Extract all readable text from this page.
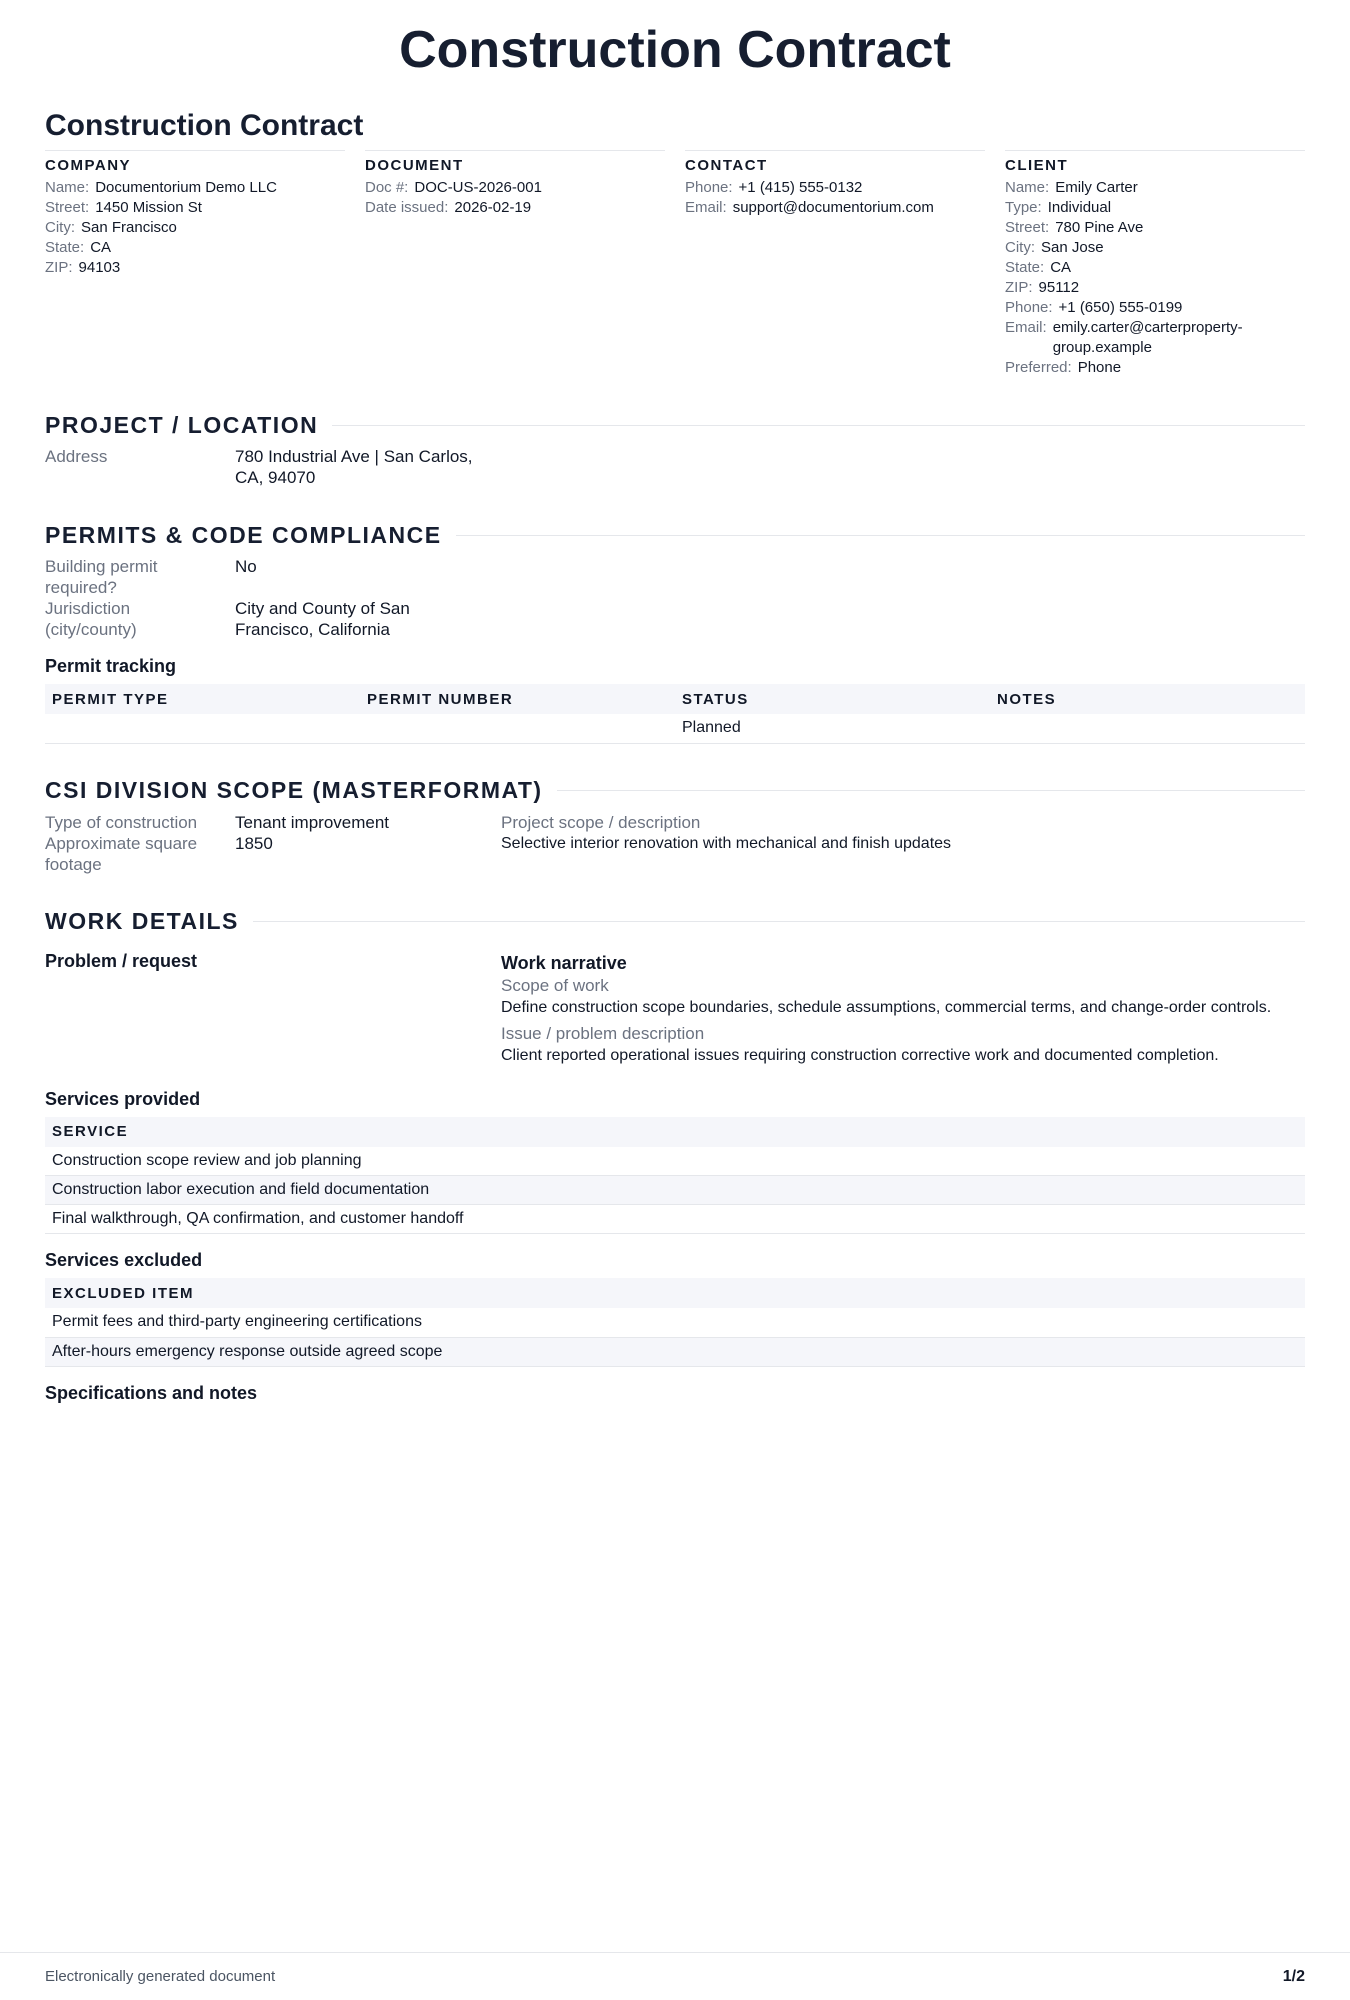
Construction Contract
Construction Contract
COMPANY
Name: Documentorium Demo LLC
Street: 1450 Mission St
City: San Francisco
State: CA
ZIP: 94103
DOCUMENT
Doc #: DOC-US-2026-001
Date issued: 2026-02-19
CONTACT
Phone: +1 (415) 555-0132
Email: support@documentorium.com
CLIENT
Name: Emily Carter
Type: Individual
Street: 780 Pine Ave
City: San Jose
State: CA
ZIP: 95112
Phone: +1 (650) 555-0199
Email: emily.carter@carterproperty-group.example
Preferred: Phone
PROJECT / LOCATION
Address	780 Industrial Ave | San Carlos, CA, 94070
PERMITS & CODE COMPLIANCE
Building permit required?
No
Jurisdiction (city/county)
City and County of San Francisco, California
Permit tracking
PERMIT TYPE	PERMIT NUMBER	STATUS	NOTES
		Planned	
CSI DIVISION SCOPE (MASTERFORMAT)
Type of construction	Tenant improvement
Approximate square footage
1850
Project scope / description
Selective interior renovation with mechanical and finish updates
WORK DETAILS
Problem / request	Work narrative
Scope of work
Define construction scope boundaries, schedule assumptions, commercial terms, and change-order controls.
Issue / problem description
Client reported operational issues requiring construction corrective work and documented completion.
Services provided
SERVICE
Construction scope review and job planning
Construction labor execution and field documentation
Final walkthrough, QA confirmation, and customer handoff
Services excluded
EXCLUDED ITEM
Permit fees and third-party engineering certifications
After-hours emergency response outside agreed scope
Specifications and notes
Electronically generated document	1/2
